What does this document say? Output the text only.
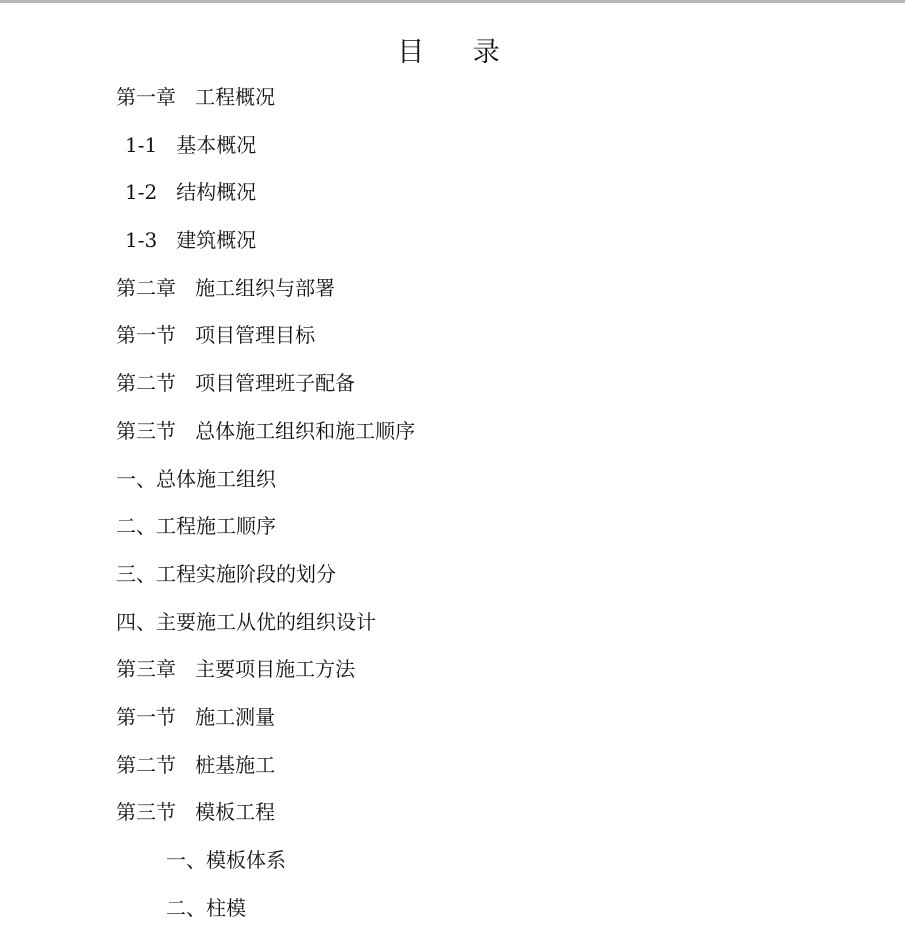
目 录
第一章   工程概况
1-1   基本概况
1-2   结构概况
1-3   建筑概况
第二章   施工组织与部署
第一节   项目管理目标
第二节   项目管理班子配备
第三节   总体施工组织和施工顺序
一、总体施工组织
二、工程施工顺序
三、工程实施阶段的划分
四、主要施工从优的组织设计
第三章   主要项目施工方法
第一节   施工测量
第二节   桩基施工
第三节   模板工程
一、模板体系
二、柱模
